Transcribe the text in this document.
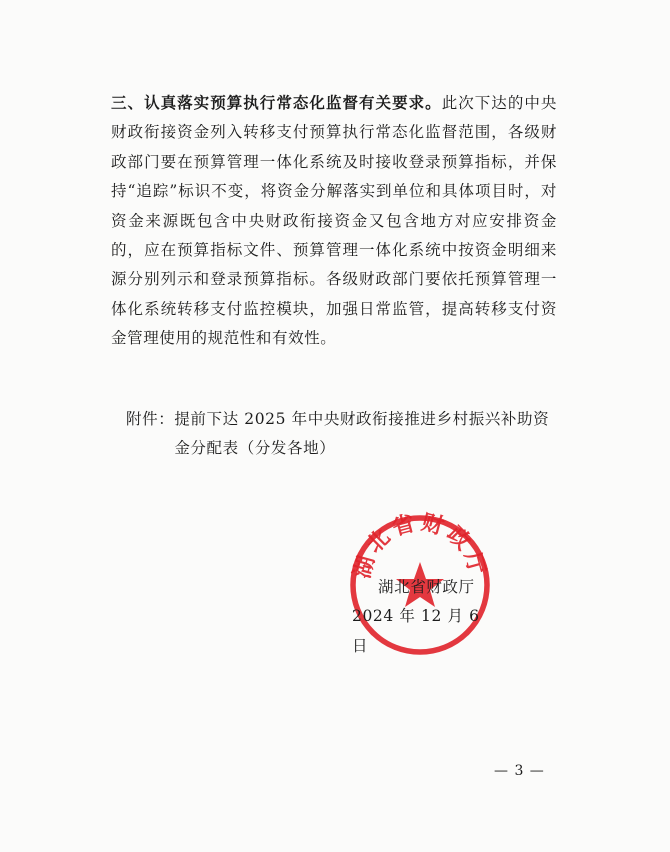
三、认真落实预算执行常态化监督有关要求。此次下达的中央财政衔接资金列入转移支付预算执行常态化监督范围，各级财政部门要在预算管理一体化系统及时接收登录预算指标，并保持“追踪”标识不变，将资金分解落实到单位和具体项目时，对资金来源既包含中央财政衔接资金又包含地方对应安排资金的，应在预算指标文件、预算管理一体化系统中按资金明细来源分别列示和登录预算指标。各级财政部门要依托预算管理一体化系统转移支付监控模块，加强日常监管，提高转移支付资金管理使用的规范性和有效性。
附件： 提前下达 2025 年中央财政衔接推进乡村振兴补助资金分配表（分发各地）
湖北省财政厅
湖北省财政厅
2024 年 12 月 6 日
— 3 —
